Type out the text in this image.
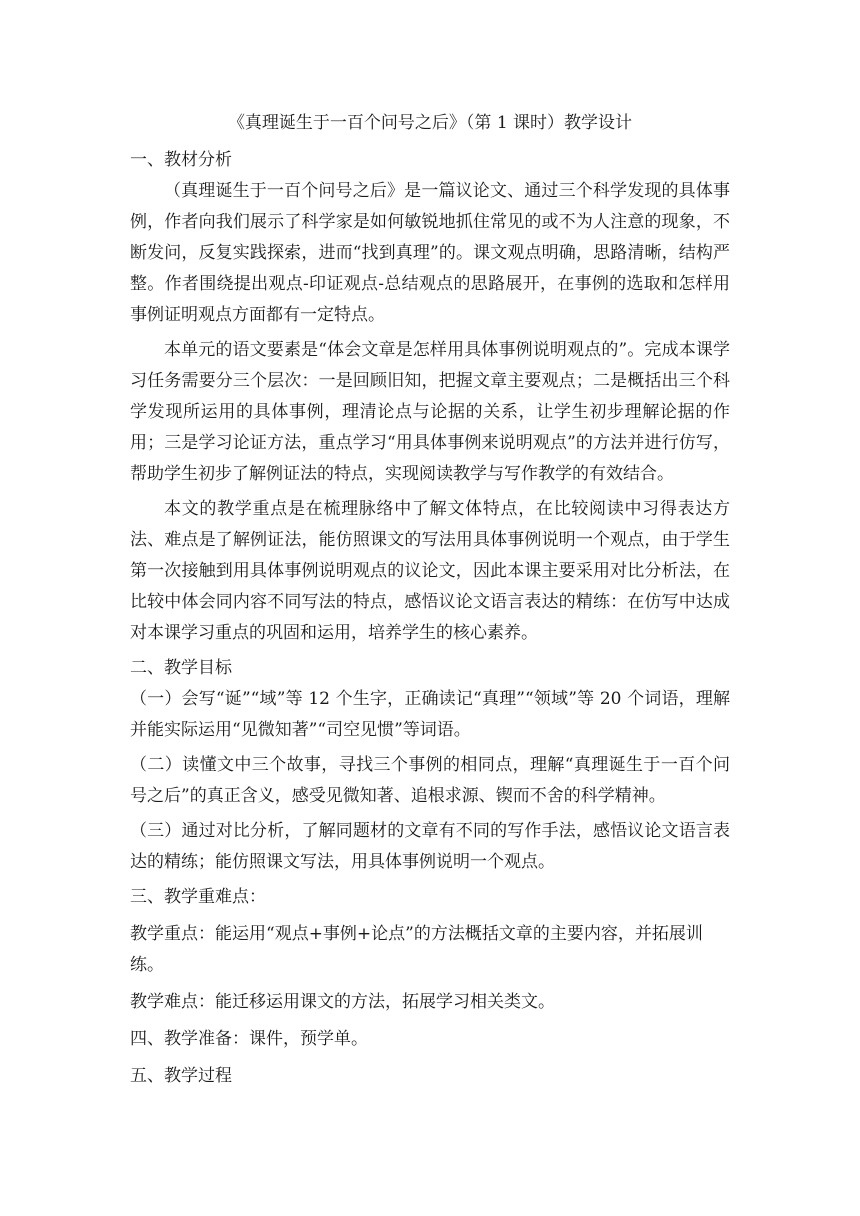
《真理诞生于一百个问号之后》（第 1 课时）教学设计

一、教材分析

（真理诞生于一百个问号之后》是一篇议论文、通过三个科学发现的具体事例，作者向我们展示了科学家是如何敏锐地抓住常见的或不为人注意的现象，不断发问，反复实践探索，进而“找到真理”的。课文观点明确，思路清晰，结构严整。作者围绕提出观点-印证观点-总结观点的思路展开，在事例的选取和怎样用事例证明观点方面都有一定特点。

本单元的语文要素是“体会文章是怎样用具体事例说明观点的”。完成本课学习任务需要分三个层次：一是回顾旧知，把握文章主要观点；二是概括出三个科学发现所运用的具体事例，理清论点与论据的关系，让学生初步理解论据的作用；三是学习论证方法，重点学习“用具体事例来说明观点”的方法并进行仿写，帮助学生初步了解例证法的特点，实现阅读教学与写作教学的有效结合。

本文的教学重点是在梳理脉络中了解文体特点，在比较阅读中习得表达方法、难点是了解例证法，能仿照课文的写法用具体事例说明一个观点，由于学生第一次接触到用具体事例说明观点的议论文，因此本课主要采用对比分析法，在比较中体会同内容不同写法的特点，感悟议论文语言表达的精练：在仿写中达成对本课学习重点的巩固和运用，培养学生的核心素养。

二、教学目标

（一）会写“诞”“域”等 12 个生字，正确读记“真理”“领域”等 20 个词语，理解并能实际运用“见微知著”“司空见惯”等词语。

（二）读懂文中三个故事，寻找三个事例的相同点，理解“真理诞生于一百个问号之后”的真正含义，感受见微知著、追根求源、锲而不舍的科学精神。

（三）通过对比分析，了解同题材的文章有不同的写作手法，感悟议论文语言表达的精练；能仿照课文写法，用具体事例说明一个观点。

三、教学重难点：

教学重点：能运用“观点+事例+论点”的方法概括文章的主要内容，并拓展训练。

教学难点：能迁移运用课文的方法，拓展学习相关类文。

四、教学准备：课件，预学单。

五、教学过程
